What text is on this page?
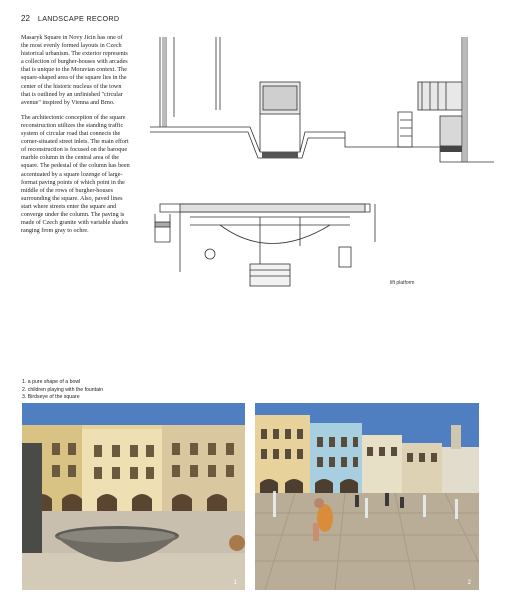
22 LANDSCAPE RECORD

Masaryk Square in Novy Jicin has one of the most evenly formed layouts in Czech historical urbanism. The exterior represents a collection of burgher-houses with arcades that is unique to the Moravian context. The square-shaped area of the square lies in the center of the historic nucleus of the town that is outlined by an unfinished "circular avenue" inspired by Vienna and Brno.

The architectonic conception of the square reconstruction utilizes the standing traffic system of circular road that connects the corner-situated street inlets. The main effort of reconstruction is focused on the baroque marble column in the central area of the square. The pedestal of the column has been accentuated by a square lozenge of large-format paving points of which point in the middle of the rows of burgher-houses surrounding the square. Also, paved lines start where streets enter the square and converge under the column. The paving is made of Czech granite with variable shades ranging from gray to ochre.

lift platform
1. a pure shape of a bowl
2. children playing with the fountain
3. Birdseye of the square
1	2
